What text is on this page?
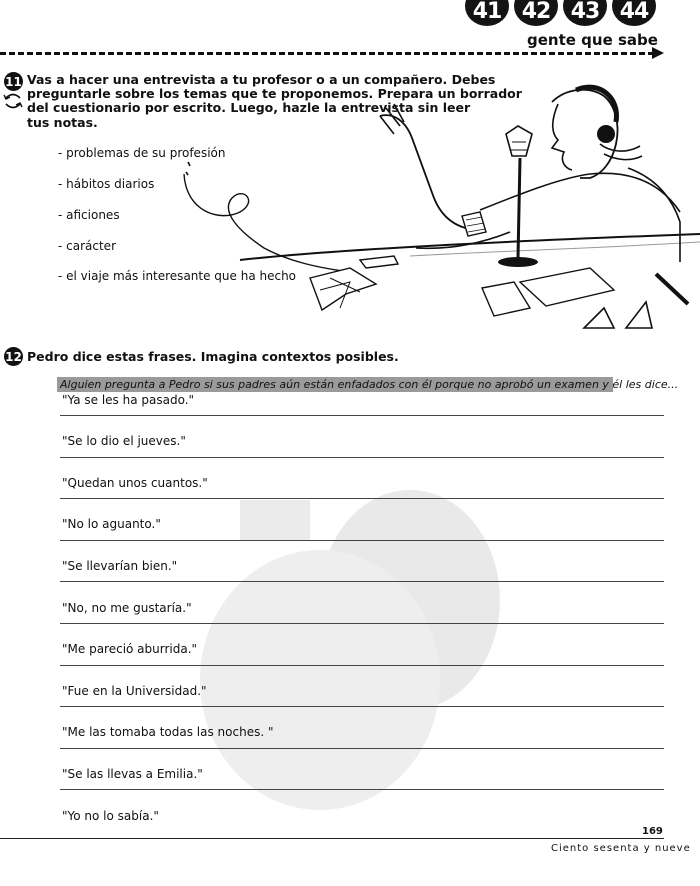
41 42 43 44
gente que sabe
11 Vas a hacer una entrevista a tu profesor o a un compañero. Debes
preguntarle sobre los temas que te proponemos. Prepara un borrador
del cuestionario por escrito. Luego, hazle la entrevista sin leer
tus notas.
- problemas de su profesión
- hábitos diarios
- aficiones
- carácter
- el viaje más interesante que ha hecho
12 Pedro dice estas frases. Imagina contextos posibles.
Alguien pregunta a Pedro si sus padres aún están enfadados con él porque no aprobó un examen y él les dice...
"Ya se les ha pasado."
"Se lo dio el jueves."
"Quedan unos cuantos."
"No lo aguanto."
"Se llevarían bien."
"No, no me gustaría."
"Me pareció aburrida."
"Fue en la Universidad."
"Me las tomaba todas las noches. "
"Se las llevas a Emilia."
"Yo no lo sabía."
169
Ciento sesenta y nueve
